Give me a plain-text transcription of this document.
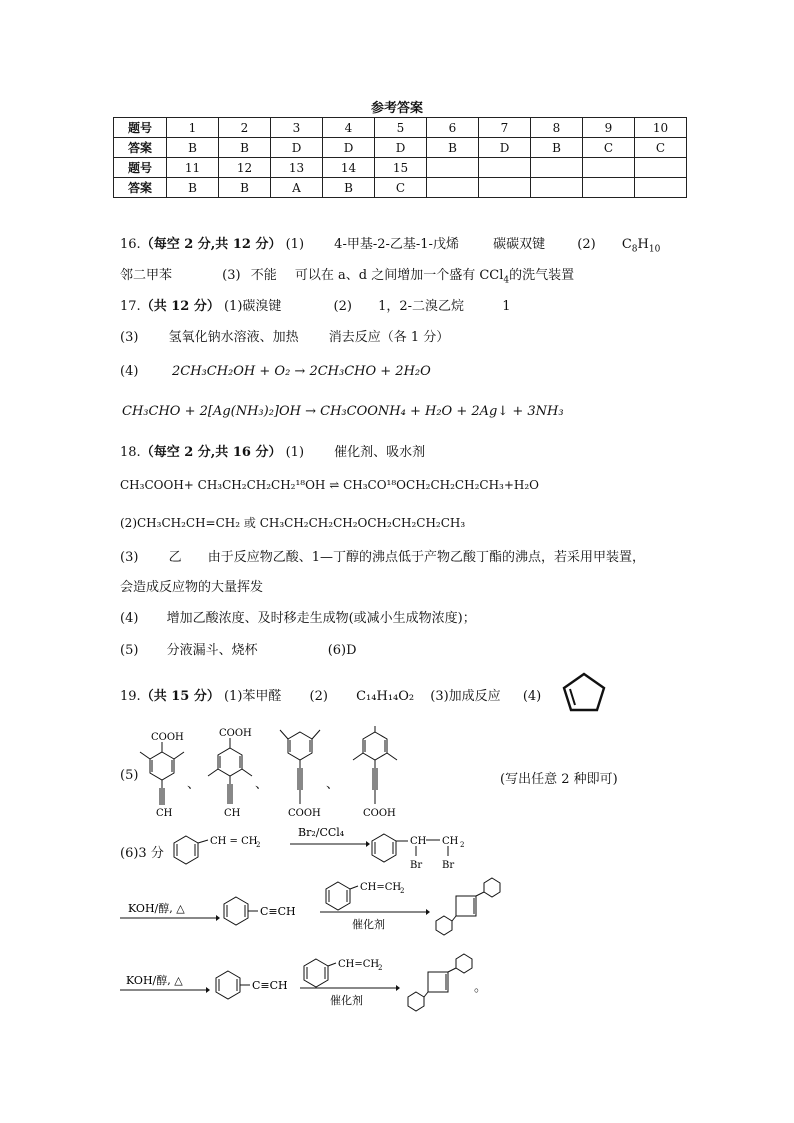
参考答案
题号	1	2	3	4	5	6	7	8	9	10
答案	B	B	D	D	D	B	D	B	C	C
题号	11	12	13	14	15					
答案	B	B	A	B	C					
16.（每空 2 分,共 12 分） (1) 4-甲基-2-乙基-1-戊烯	碳碳双键 (2) $C_8H_{10}$
邻二甲苯	(3) 不能 可以在 a、d 之间增加一个盛有 CCl$_4$的洗气装置
17.（共 12 分） (1)碳溴键	(2) 1，2-二溴乙烷	1
(3) 氢氧化钠水溶液、加热 消去反应（各 1 分）
(4)	2CH₃CH₂OH + O₂ → 2CH₃CHO + 2H₂O
CH₃CHO + 2[Ag(NH₃)₂]OH → CH₃COONH₄ + H₂O + 2Ag↓ + 3NH₃
18.（每空 2 分,共 16 分） (1) 催化剂、吸水剂
CH₃COOH+ CH₃CH₂CH₂CH₂¹⁸OH ⇌ CH₃CO¹⁸OCH₂CH₂CH₂CH₃+H₂O
(2)CH₃CH₂CH=CH₂ 或 CH₃CH₂CH₂CH₂OCH₂CH₂CH₂CH₃
(3) 乙 由于反应物乙酸、1—丁醇的沸点低于产物乙酸丁酯的沸点，若采用甲装置，
会造成反应物的大量挥发
(4) 增加乙酸浓度、及时移走生成物(或减小生成物浓度)；
(5) 分液漏斗、烧杯	(6)D
19.（共 15 分） (1)苯甲醛 (2) C₁₄H₁₄O₂ (3)加成反应 (4)
(5)	(写出任意 2 种即可)
COOH
CH
、
COOH
CH
、
COOH
、
COOH
(6)3 分
CH = CH
2
Br₂/CCl₄
CH CH 2
Br Br
KOH/醇, △	C≡CH
CH=CH
2
催化剂
KOH/醇, △	C≡CH
CH=CH
2
催化剂
。
